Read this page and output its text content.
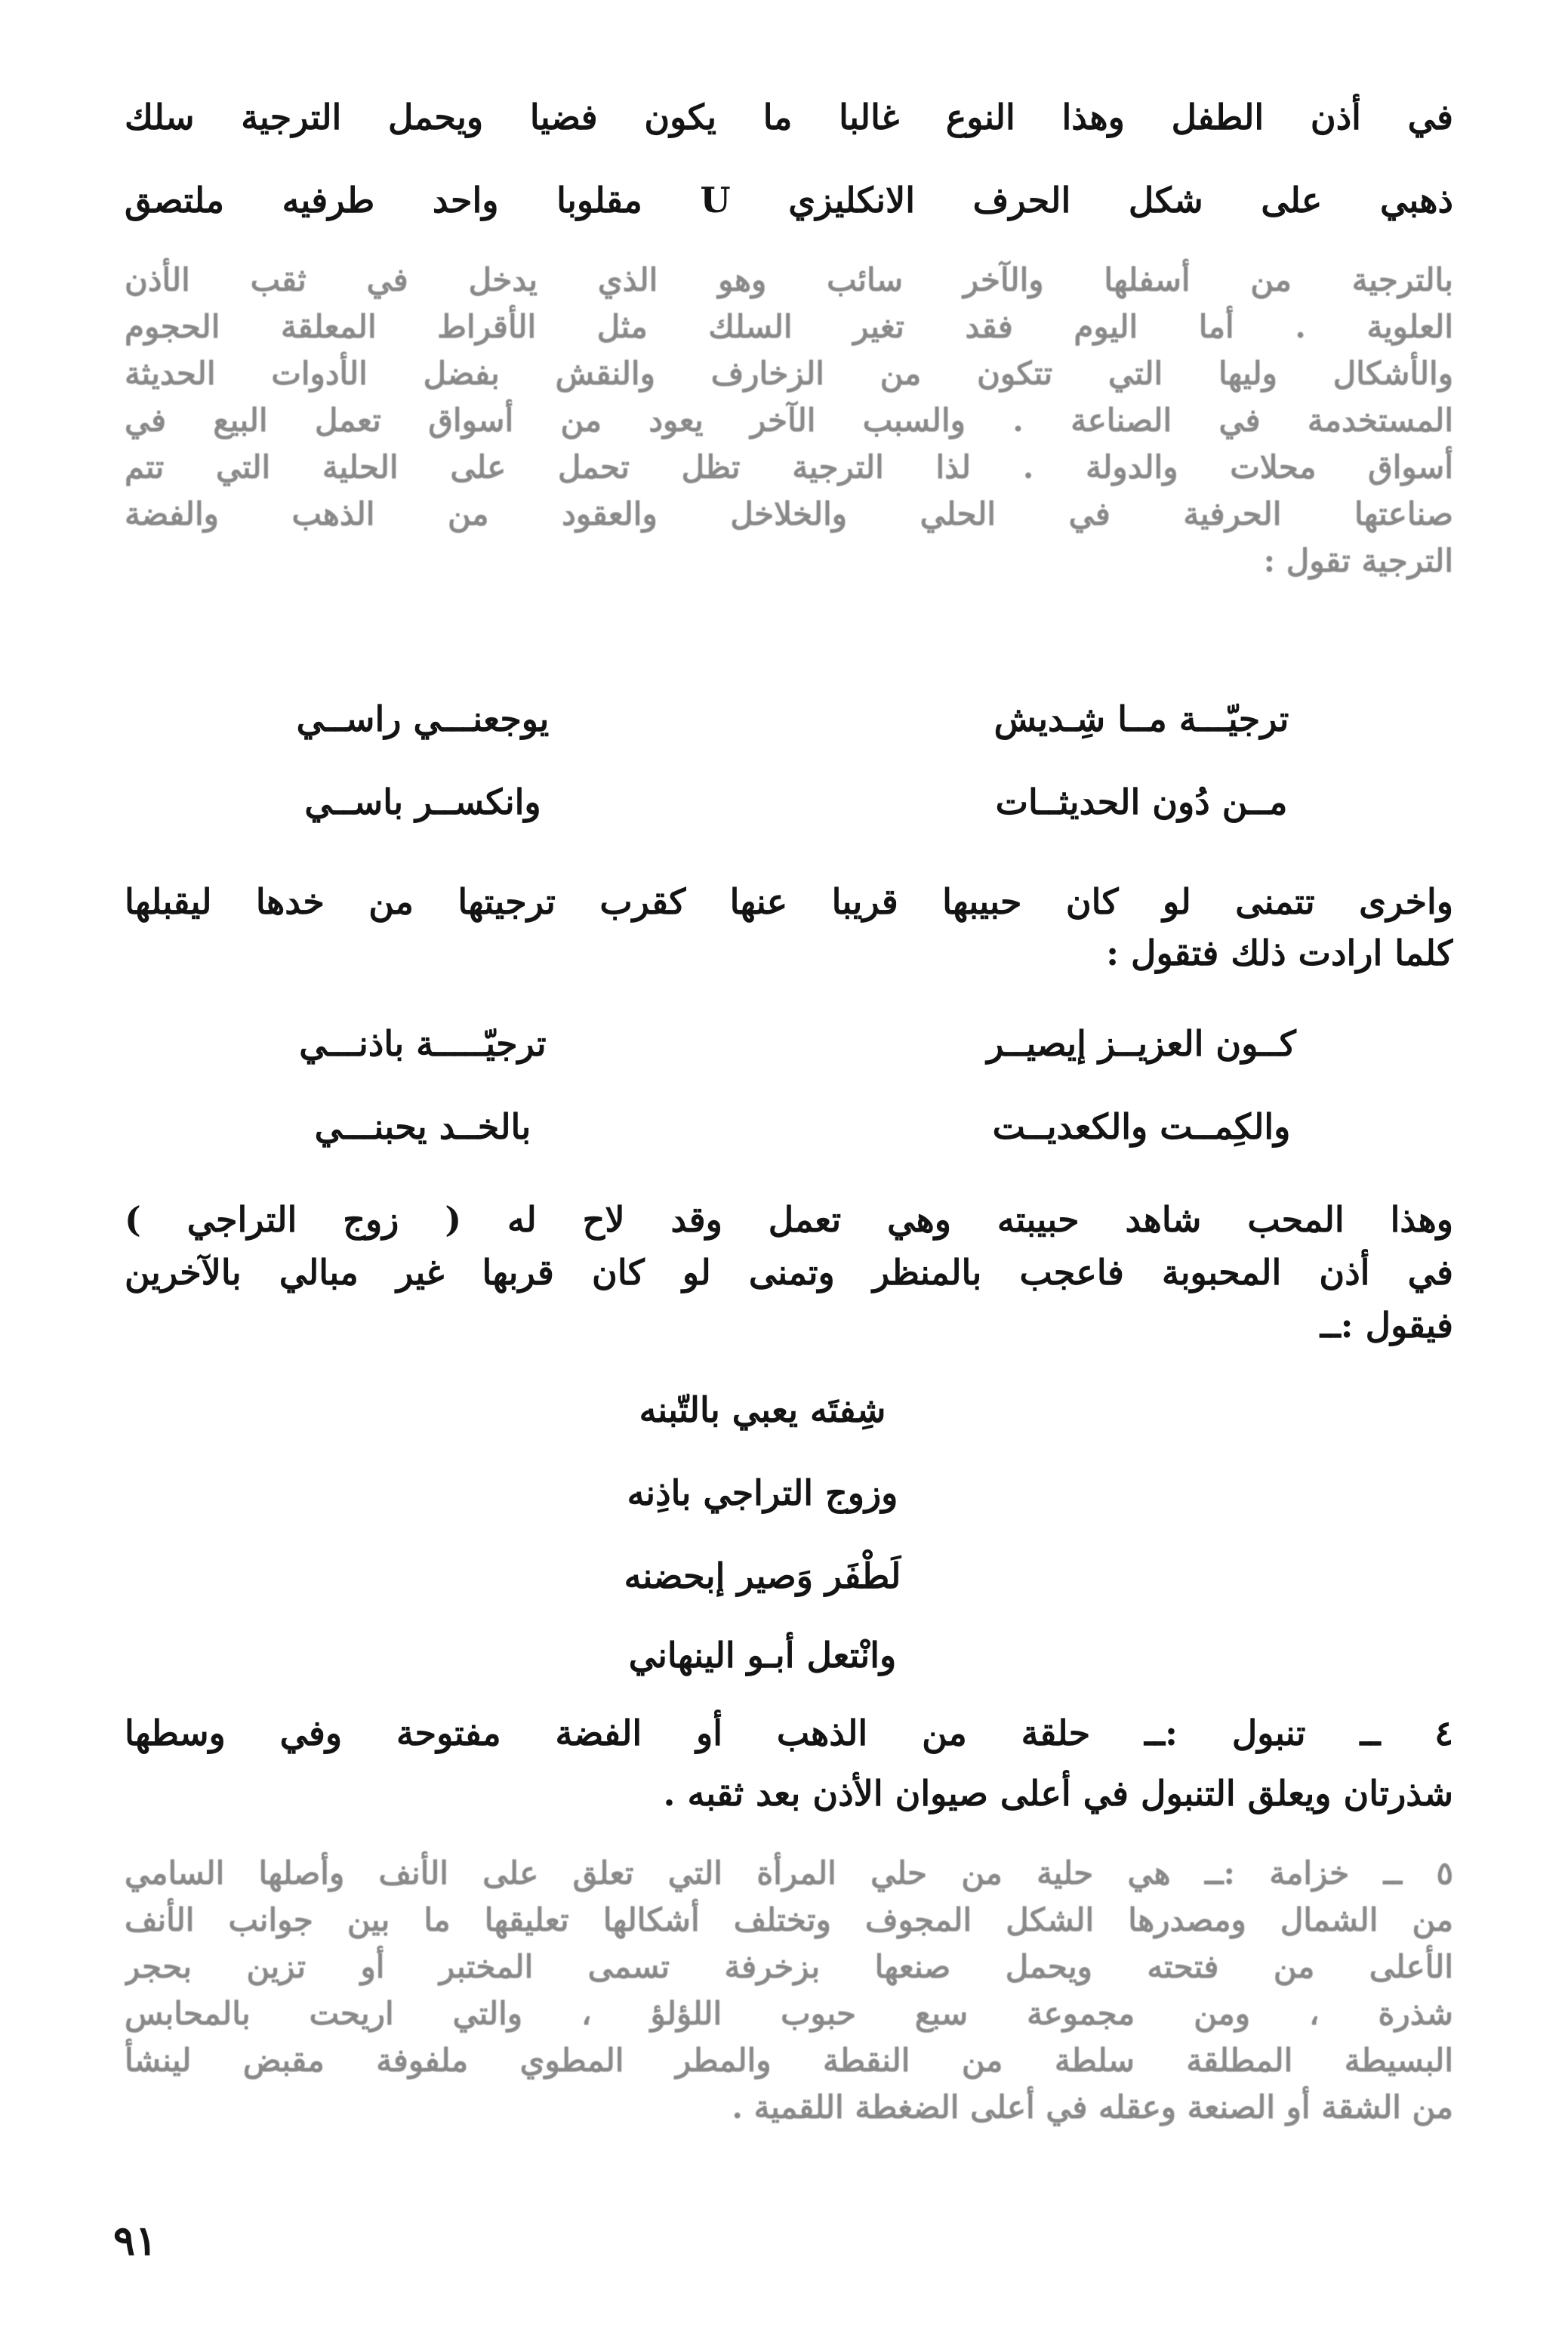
في أذن الطفل وهذا النوع غالبا ما يكون فضيا ويحمل الترجية سلك
ذهبي على شكل الحرف الانكليزي U مقلوبا واحد طرفيه ملتصق
بالترجية من أسفلها والآخر سائب وهو الذي يدخل في ثقب الأذن
العلوية . أما اليوم فقد تغير السلك مثل الأقراط المعلقة الحجوم
والأشكال وليها التي تتكون من الزخارف والنقش بفضل الأدوات الحديثة
المستخدمة في الصناعة . والسبب الآخر يعود من أسواق تعمل البيع في
أسواق محلات والدولة . لذا الترجية تظل تحمل على الحلية التي تتم
صناعتها الحرفية في الحلي والخلاخل والعقود من الذهب والفضة
الترجية تقول :
ترجيّـــة مــا شِـديش
يوجعنـــي راســي
مــن دُون الحديثــات
وانكســر باســي
واخرى تتمنى لو كان حبيبها قريبا عنها كقرب ترجيتها من خدها ليقبلها
كلما ارادت ذلك فتقول :
كــون العزيــز إيصيــر
ترجيّـــــة باذنـــي
والكِمــت والكعديــت
بالخــد يحبنـــي
وهذا المحب شاهد حبيبته وهي تعمل وقد لاح له ( زوج التراجي )
في أذن المحبوبة فاعجب بالمنظر وتمنى لو كان قربها غير مبالي بالآخرين
فيقول :ــ
شِفتَه يعبي بالتّبنه
وزوج التراجي باذِنه
لَطْفَر وَصير إبحضنه
وانْتعل أبـو الينهاني
٤ ــ تنبول :ــ حلقة من الذهب أو الفضة مفتوحة وفي وسطها
شذرتان ويعلق التنبول في أعلى صيوان الأذن بعد ثقبه .
٥ ــ خزامة :ــ هي حلية من حلي المرأة التي تعلق على الأنف وأصلها السامي
من الشمال ومصدرها الشكل المجوف وتختلف أشكالها تعليقها ما بين جوانب الأنف
الأعلى من فتحته ويحمل صنعها بزخرفة تسمى المختبر أو تزين بحجر
شذرة ، ومن مجموعة سبع حبوب اللؤلؤ ، والتي اريحت بالمحابس
البسيطة المطلقة سلطة من النقطة والمطر المطوي ملفوفة مقبض لينشأ
من الشقة أو الصنعة وعقله في أعلى الضغطة اللقمية .
٩١
